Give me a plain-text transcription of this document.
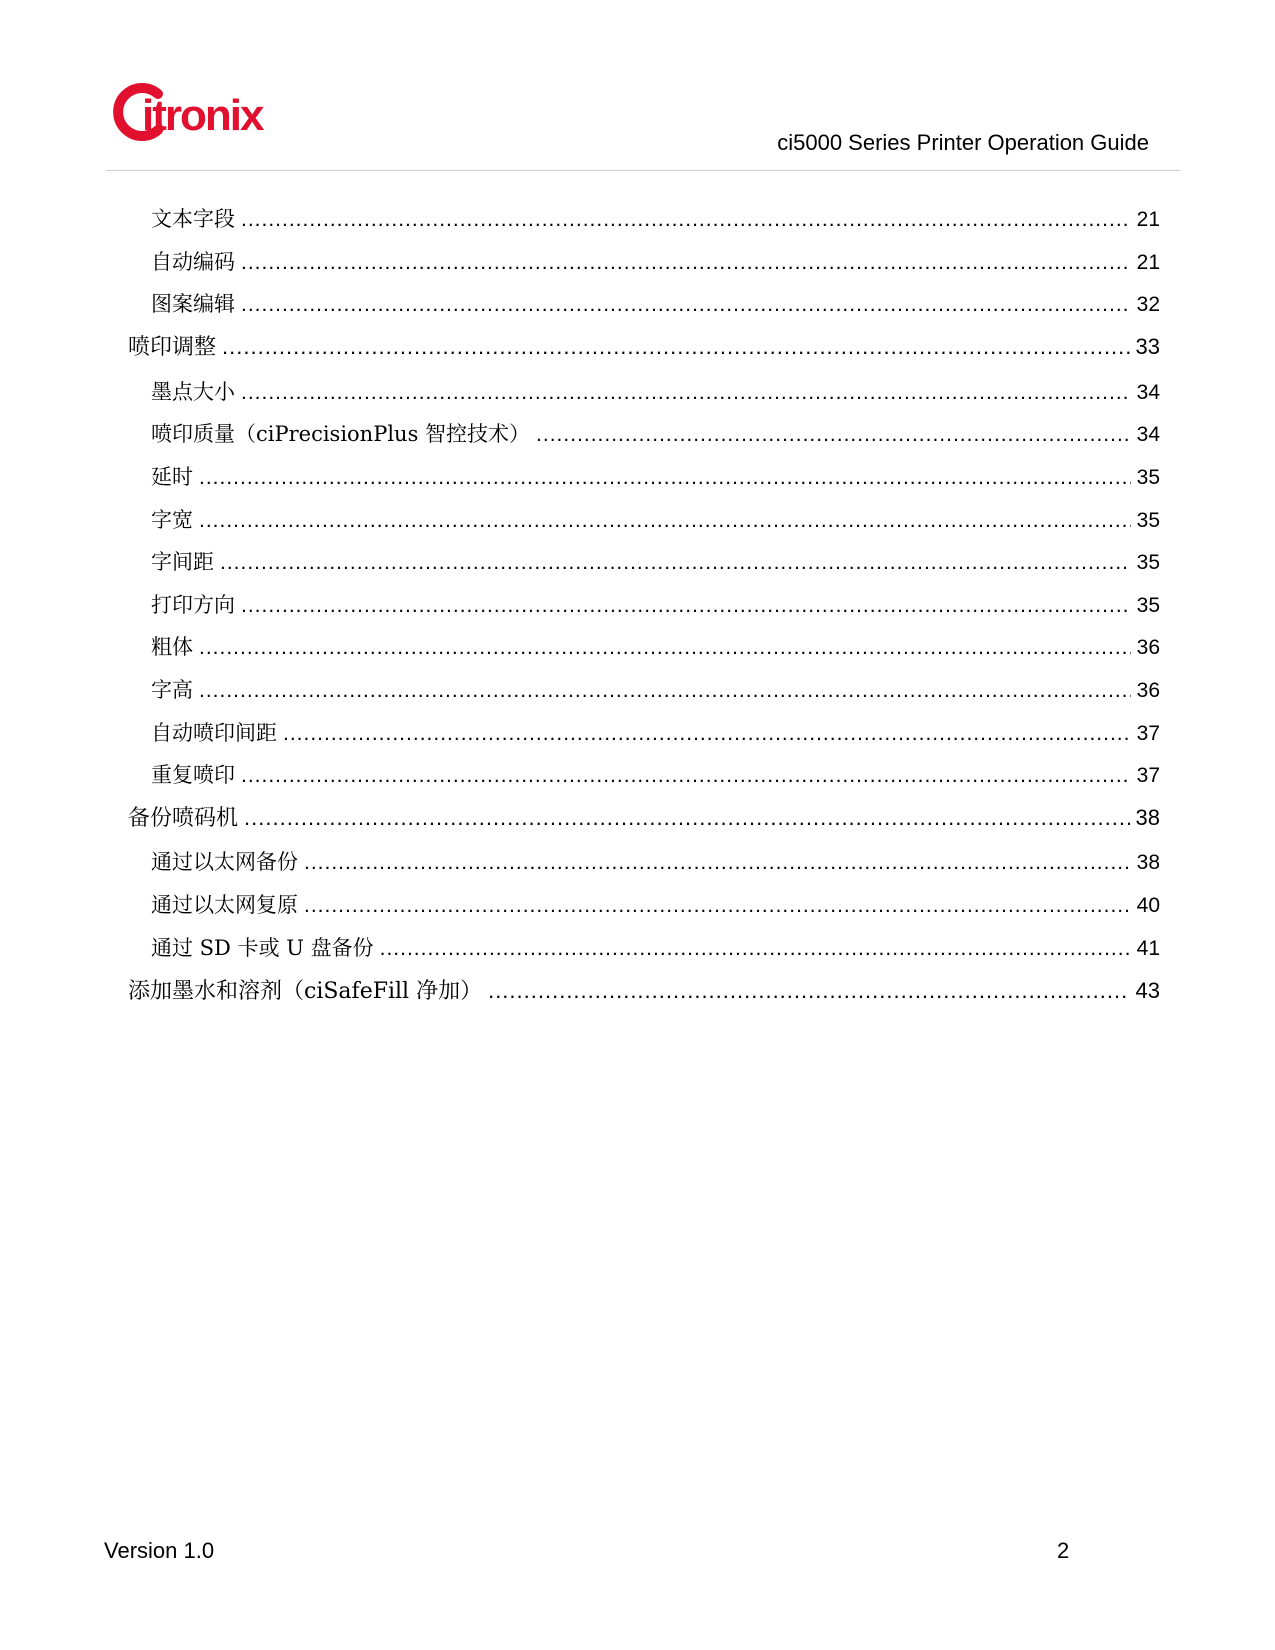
itronix
ci5000 Series Printer Operation Guide
文本字段 .....	21
自动编码 .....	21
图案编辑 .....	32
喷印调整 .....	33
墨点大小 .....	34
喷印质量（ciPrecisionPlus 智控技术） .....	34
延时 .....	35
字宽 .....	35
字间距 .....	35
打印方向 .....	35
粗体 .....	36
字高 .....	36
自动喷印间距 .....	37
重复喷印 .....	37
备份喷码机 .....	38
通过以太网备份 .....	38
通过以太网复原 .....	40
通过 SD 卡或 U 盘备份 .....	41
添加墨水和溶剂（ciSafeFill 净加） .....	43
Version 1.0	2
